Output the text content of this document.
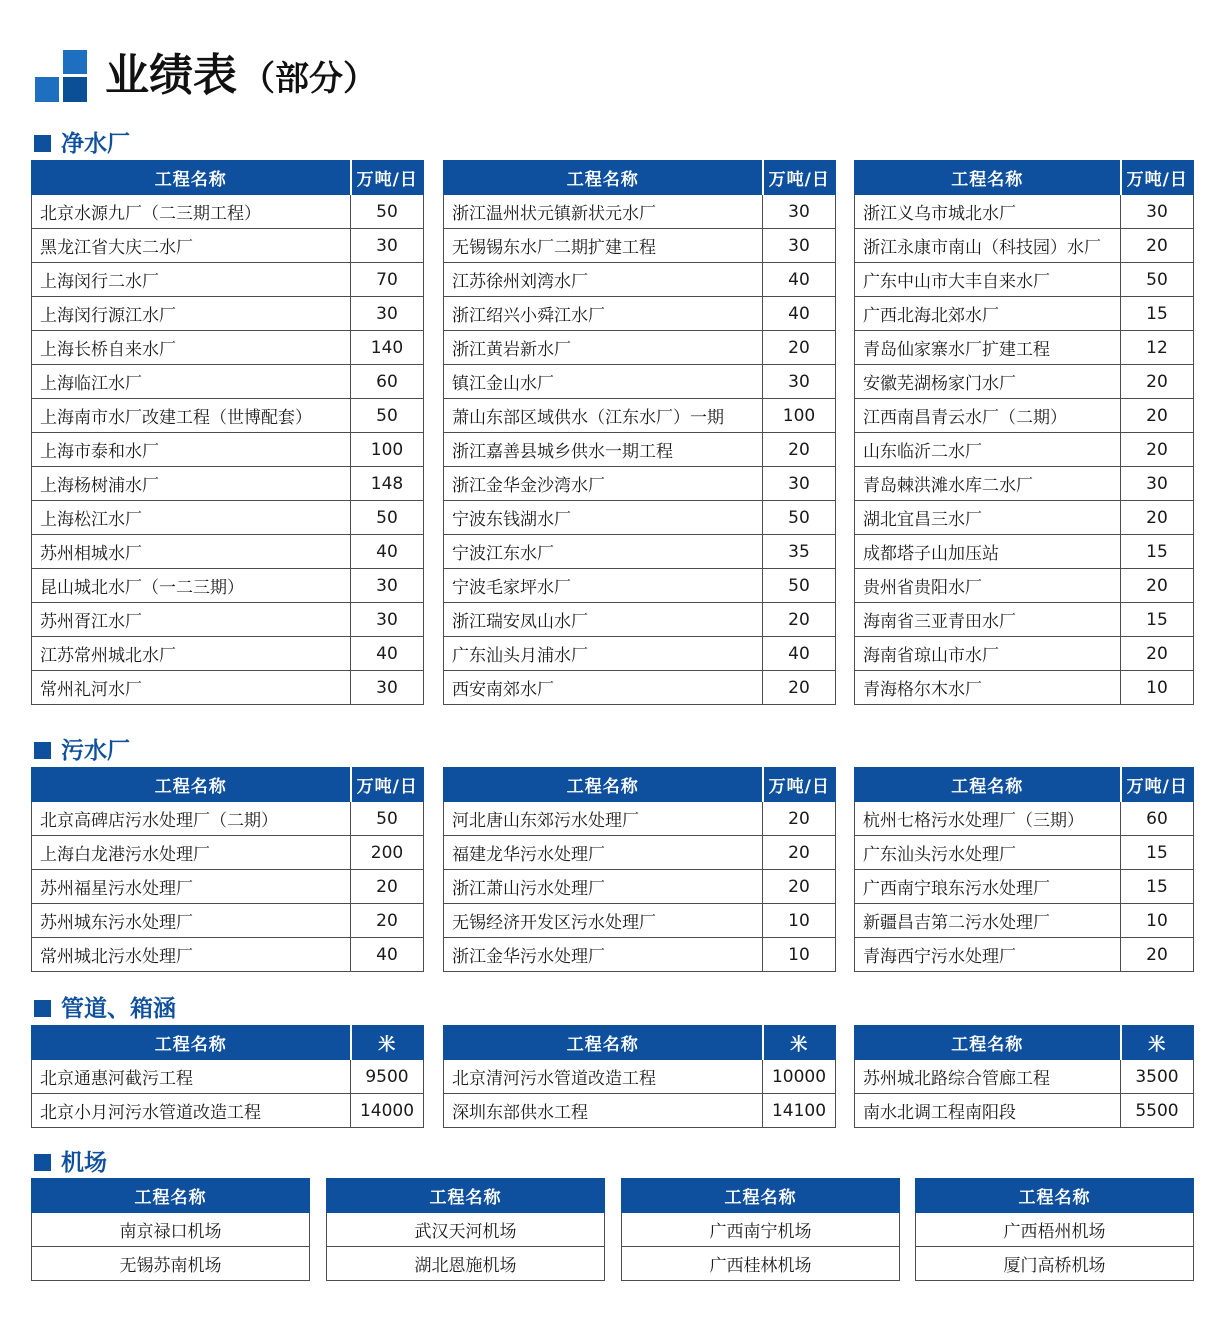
业绩表 （部分）
净水厂
污水厂
管道、箱涵
机场
工程名称	万吨/日
北京水源九厂（二三期工程）	50
黑龙江省大庆二水厂	30
上海闵行二水厂	70
上海闵行源江水厂	30
上海长桥自来水厂	140
上海临江水厂	60
上海南市水厂改建工程（世博配套）	50
上海市泰和水厂	100
上海杨树浦水厂	148
上海松江水厂	50
苏州相城水厂	40
昆山城北水厂（一二三期）	30
苏州胥江水厂	30
江苏常州城北水厂	40
常州礼河水厂	30
工程名称	万吨/日
浙江温州状元镇新状元水厂	30
无锡锡东水厂二期扩建工程	30
江苏徐州刘湾水厂	40
浙江绍兴小舜江水厂	40
浙江黄岩新水厂	20
镇江金山水厂	30
萧山东部区域供水（江东水厂）一期	100
浙江嘉善县城乡供水一期工程	20
浙江金华金沙湾水厂	30
宁波东钱湖水厂	50
宁波江东水厂	35
宁波毛家坪水厂	50
浙江瑞安凤山水厂	20
广东汕头月浦水厂	40
西安南郊水厂	20
工程名称	万吨/日
浙江义乌市城北水厂	30
浙江永康市南山（科技园）水厂	20
广东中山市大丰自来水厂	50
广西北海北郊水厂	15
青岛仙家寨水厂扩建工程	12
安徽芜湖杨家门水厂	20
江西南昌青云水厂（二期）	20
山东临沂二水厂	20
青岛棘洪滩水库二水厂	30
湖北宜昌三水厂	20
成都塔子山加压站	15
贵州省贵阳水厂	20
海南省三亚青田水厂	15
海南省琼山市水厂	20
青海格尔木水厂	10
工程名称	万吨/日
北京高碑店污水处理厂（二期）	50
上海白龙港污水处理厂	200
苏州福星污水处理厂	20
苏州城东污水处理厂	20
常州城北污水处理厂	40
工程名称	万吨/日
河北唐山东郊污水处理厂	20
福建龙华污水处理厂	20
浙江萧山污水处理厂	20
无锡经济开发区污水处理厂	10
浙江金华污水处理厂	10
工程名称	万吨/日
杭州七格污水处理厂（三期）	60
广东汕头污水处理厂	15
广西南宁琅东污水处理厂	15
新疆昌吉第二污水处理厂	10
青海西宁污水处理厂	20
工程名称	米
北京通惠河截污工程	9500
北京小月河污水管道改造工程	14000
工程名称	米
北京清河污水管道改造工程	10000
深圳东部供水工程	14100
工程名称	米
苏州城北路综合管廊工程	3500
南水北调工程南阳段	5500
工程名称
南京禄口机场
无锡苏南机场
工程名称
武汉天河机场
湖北恩施机场
工程名称
广西南宁机场
广西桂林机场
工程名称
广西梧州机场
厦门高桥机场
